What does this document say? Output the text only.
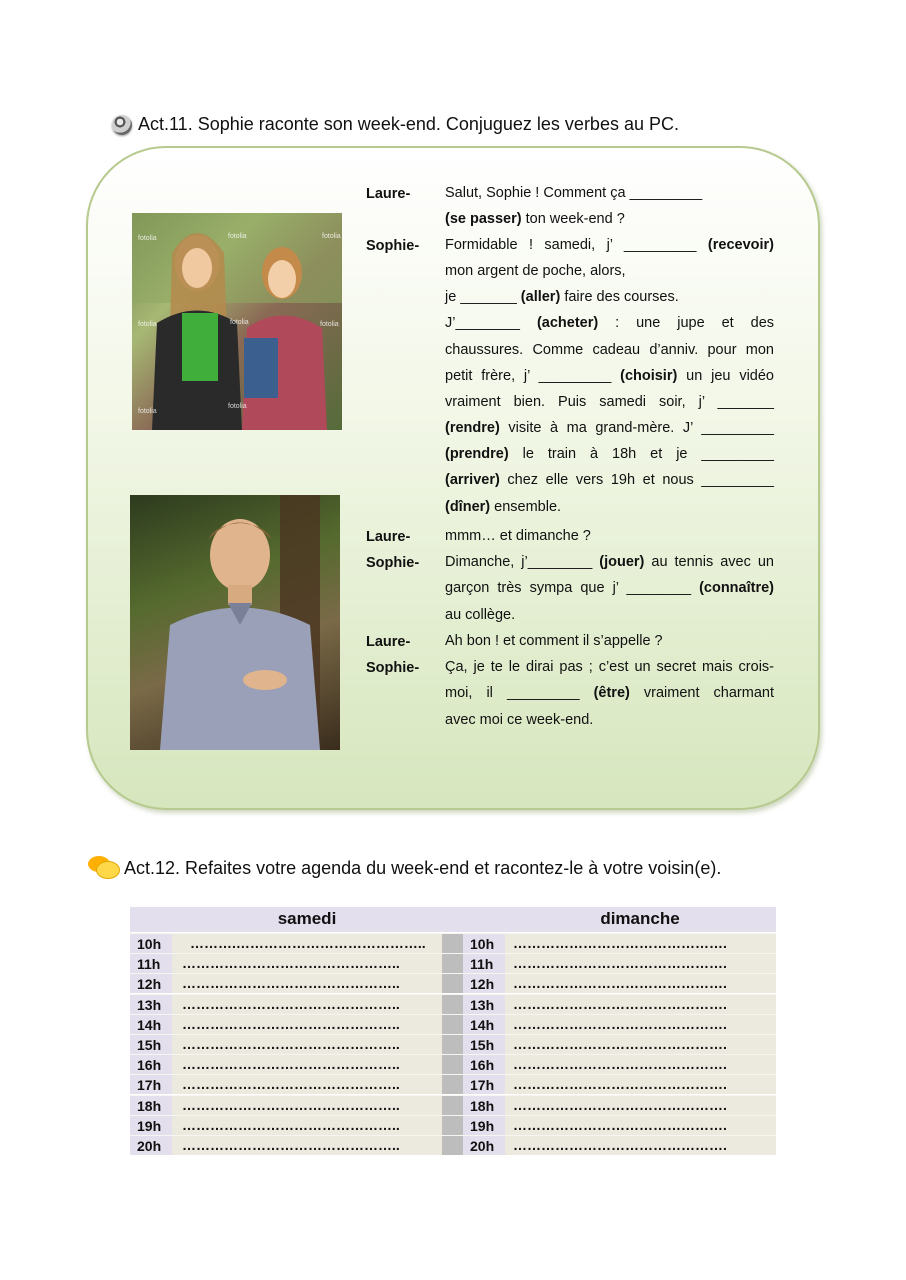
Act.11. Sophie raconte son week-end. Conjuguez les verbes au PC.
fotolia	fotolia	fotolia
fotolia	fotolia	fotolia
fotolia
fotolia
Laure-
Sophie-
Laure-
Sophie-
Laure-
Sophie-
Salut, Sophie ! Comment ça _________
(se passer) ton week-end ?
Formidable ! samedi, j’ _________ (recevoir)
mon argent de poche, alors,
je _______ (aller) faire des courses.
J’________ (acheter) : une jupe et des
chaussures. Comme cadeau d’anniv. pour mon
petit frère, j’ _________ (choisir) un jeu vidéo
vraiment bien. Puis samedi soir, j’ _______
(rendre) visite à ma grand-mère. J’ _________
(prendre) le train à 18h et je _________
(arriver) chez elle vers 19h et nous _________
(dîner) ensemble.
mmm… et dimanche ?
Dimanche, j’________ (jouer) au tennis avec un
garçon très sympa que j’ ________ (connaître)
au collège.
Ah bon ! et comment il s’appelle ?
Ça, je te le dirai pas ; c’est un secret mais crois-
moi, il _________ (être) vraiment charmant
avec moi ce week-end.
Act.12. Refaites votre agenda du week-end et racontez-le à votre voisin(e).
samedi	dimanche
10h	……….…………………………………..	10h	……………………………………….
11h	………………………………………..	11h	……………………………………….
12h	………………………………………..	12h	……………………………………….
13h	………………………………………..	13h	……………………………………….
14h	………………………………………..	14h	……………………………………….
15h	………………………………………..	15h	……………………………………….
16h	………………………………………..	16h	……………………………………….
17h	………………………………………..	17h	……………………………………….
18h	………………………………………..	18h	……………………………………….
19h	………………………………………..	19h	……………………………………….
20h	………………………………………..	20h	……………………………………….
